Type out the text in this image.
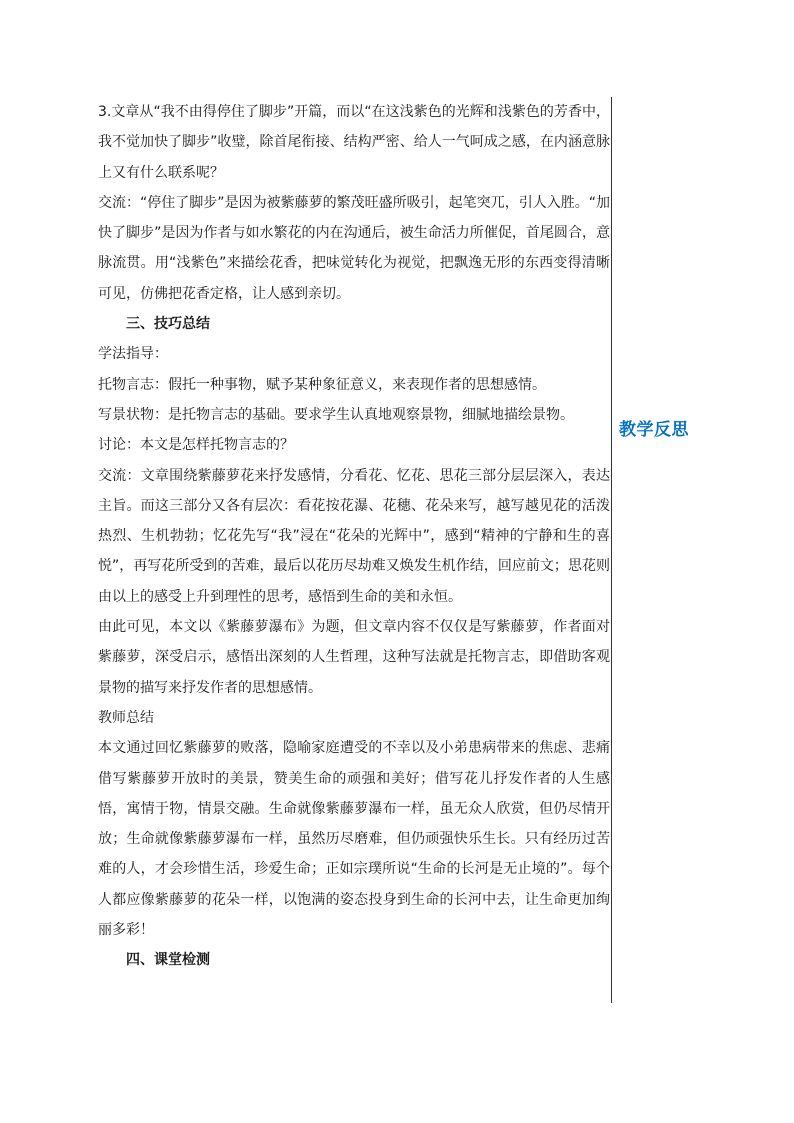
3.文章从“我不由得停住了脚步”开篇，而以“在这浅紫色的光辉和浅紫色的芳香中，我不觉加快了脚步”收璧，除首尾衔接、结构严密、给人一气呵成之感，在内涵意脉上又有什么联系呢？

交流：“停住了脚步”是因为被紫藤萝的繁茂旺盛所吸引，起笔突兀，引人入胜。“加快了脚步”是因为作者与如水繁花的内在沟通后，被生命活力所催促，首尾圆合，意脉流贯。用“浅紫色”来描绘花香，把味觉转化为视觉，把飘逸无形的东西变得清晰可见，仿佛把花香定格，让人感到亲切。

三、技巧总结

学法指导：

托物言志：假托一种事物，赋予某种象征意义，来表现作者的思想感情。

写景状物：是托物言志的基础。要求学生认真地观察景物，细腻地描绘景物。

讨论：本文是怎样托物言志的？

交流：文章围绕紫藤萝花来抒发感情，分看花、忆花、思花三部分层层深入，表达主旨。而这三部分又各有层次：看花按花瀑、花穗、花朵来写，越写越见花的活泼热烈、生机勃勃；忆花先写“我”浸在“花朵的光辉中”，感到“精神的宁静和生的喜悦”，再写花所受到的苦难，最后以花历尽劫难又焕发生机作结，回应前文；思花则由以上的感受上升到理性的思考，感悟到生命的美和永恒。

由此可见，本文以《紫藤萝瀑布》为题，但文章内容不仅仅是写紫藤萝，作者面对紫藤萝，深受启示，感悟出深刻的人生哲理，这种写法就是托物言志，即借助客观景物的描写来抒发作者的思想感情。

教师总结

本文通过回忆紫藤萝的败落，隐喻家庭遭受的不幸以及小弟患病带来的焦虑、悲痛借写紫藤萝开放时的美景，赞美生命的顽强和美好；借写花儿抒发作者的人生感悟，寓情于物，情景交融。生命就像紫藤萝瀑布一样，虽无众人欣赏，但仍尽情开放；生命就像紫藤萝瀑布一样，虽然历尽磨难，但仍顽强快乐生长。只有经历过苦难的人，才会珍惜生活，珍爱生命；正如宗璞所说“生命的长河是无止境的”。每个人都应像紫藤萝的花朵一样，以饱满的姿态投身到生命的长河中去，让生命更加绚丽多彩！

四、课堂检测

教学反思
